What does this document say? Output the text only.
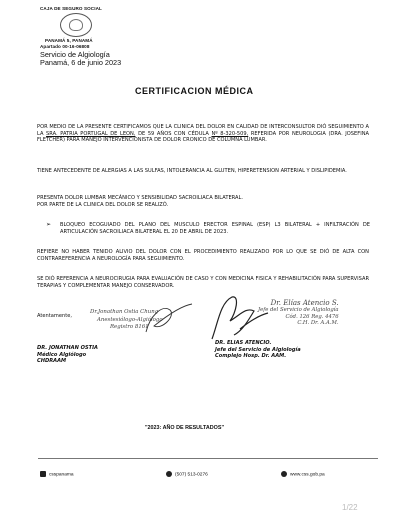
CAJA DE SEGURO SOCIAL
PANAMÁ 5, PANAMÁ
Apartado 00-16-06808
Servicio de Algiología
Panamá, 6 de junio 2023
CERTIFICACION MÉDICA
POR MEDIO DE LA PRESENTE CERTIFICAMOS QUE LA CLINICA DEL DOLOR EN CALIDAD DE INTERCONSULTOR DIÓ SEGUIMIENTO A LA SRA. PATRIA PORTUGAL DE LEON, DE 59 AÑOS CON CÉDULA Nº 8-320-509, REFERIDA POR NEUROLOGIA (DRA. JOSEFINA FLETCHER) PARA MANEJO INTERVENCIONISTA DE DOLOR CRONICO DE COLUMNA LUMBAR.
TIENE ANTECEDENTE DE ALERGIAS A LAS SULFAS, INTOLERANCIA AL GLUTEN, HIPERETENSION ARTERIAL Y DISLIPIDEMIA.
PRESENTA DOLOR LUMBAR MECÁNICO Y SENSIBILIDAD SACROILIACA BILATERAL.
POR PARTE DE LA CLINICA DEL DOLOR SE REALIZÓ.
➢ BLOQUEO ECOGUIADO DEL PLANO DEL MUSCULO ERECTOR ESPINAL (ESP) L3 BILATERAL + INFILTRACIÓN DE ARTICULACIÓN SACROILIACA BILATERAL EL 20 DE ABRIL DE 2023.
REFIERE NO HABER TENIDO ALIVIO DEL DOLOR CON EL PROCEDIMIENTO REALIZADO POR LO QUE SE DIÓ DE ALTA CON CONTRAREFERENCIA A NEUROLOGÍA PARA SEGUIMIENTO.
SE DIÓ REFERENCIA A NEUROCIRUGIA PARA EVALUACIÓN DE CASO Y CON MEDICINA FISICA Y REHABILITACIÓN PARA SUPERVISAR TERAPIAS Y COMPLEMENTAR MANEJO CONSERVADOR.
Atentamente,
Dr.Jonathan Ostia Chung
Anestesiólogo-Algiólogo
Registro 8161
Dr. Elías Atencio S.
Jefe del Servicio de Algiología
Cód. 126 Reg. 4476
C.H. Dr. A.A.M.
DR. JONATHAN OSTIA
Médico Algiólogo
CHDRAAM
DR. ELIAS ATENCIO.
Jefe del Servicio de Algiología
Complejo Hosp. Dr. AAM.
"2023: AÑO DE RESULTADOS"
csspanama	(507) 513-0276	www.css.gob.pa
1/22
